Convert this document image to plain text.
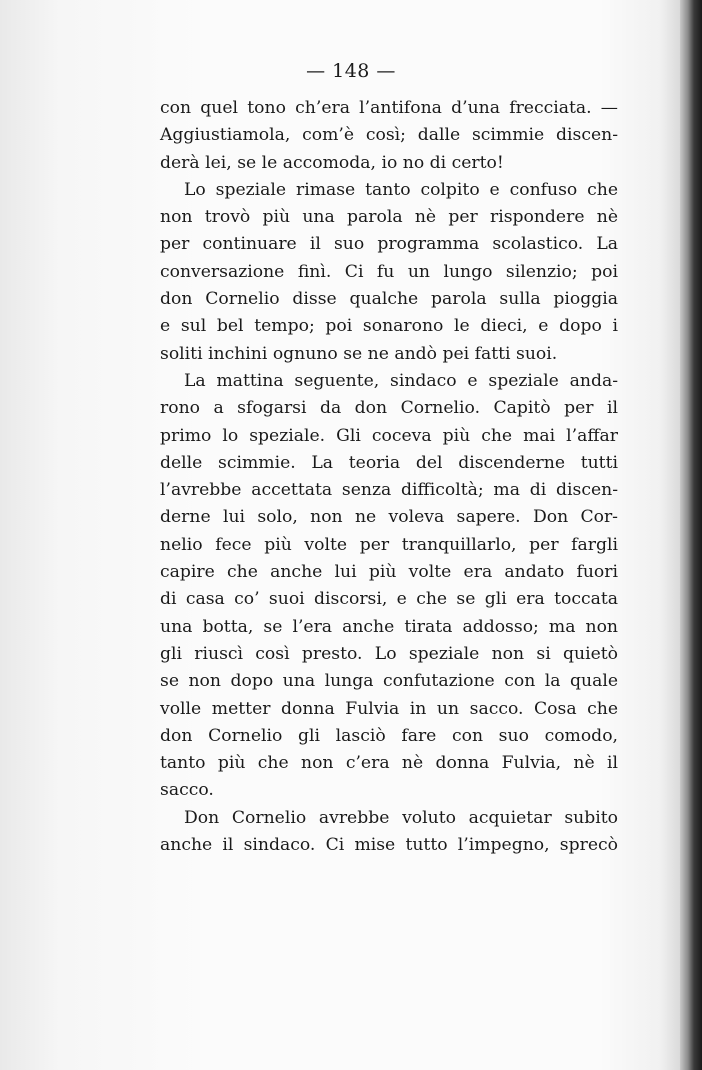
— 148 —
con quel tono ch’era l’antifona d’una frecciata. —
Aggiustiamola, com’è così; dalle scimmie discen-
derà lei, se le accomoda, io no di certo!
Lo speziale rimase tanto colpito e confuso che
non trovò più una parola nè per rispondere nè
per continuare il suo programma scolastico. La
conversazione finì. Ci fu un lungo silenzio; poi
don Cornelio disse qualche parola sulla pioggia
e sul bel tempo; poi sonarono le dieci, e dopo i
soliti inchini ognuno se ne andò pei fatti suoi.
La mattina seguente, sindaco e speziale anda-
rono a sfogarsi da don Cornelio. Capitò per il
primo lo speziale. Gli coceva più che mai l’affar
delle scimmie. La teoria del discenderne tutti
l’avrebbe accettata senza difficoltà; ma di discen-
derne lui solo, non ne voleva sapere. Don Cor-
nelio fece più volte per tranquillarlo, per fargli
capire che anche lui più volte era andato fuori
di casa co’ suoi discorsi, e che se gli era toccata
una botta, se l’era anche tirata addosso; ma non
gli riuscì così presto. Lo speziale non si quietò
se non dopo una lunga confutazione con la quale
volle metter donna Fulvia in un sacco. Cosa che
don Cornelio gli lasciò fare con suo comodo,
tanto più che non c’era nè donna Fulvia, nè il
sacco.
Don Cornelio avrebbe voluto acquietar subito
anche il sindaco. Ci mise tutto l’impegno, sprecò
